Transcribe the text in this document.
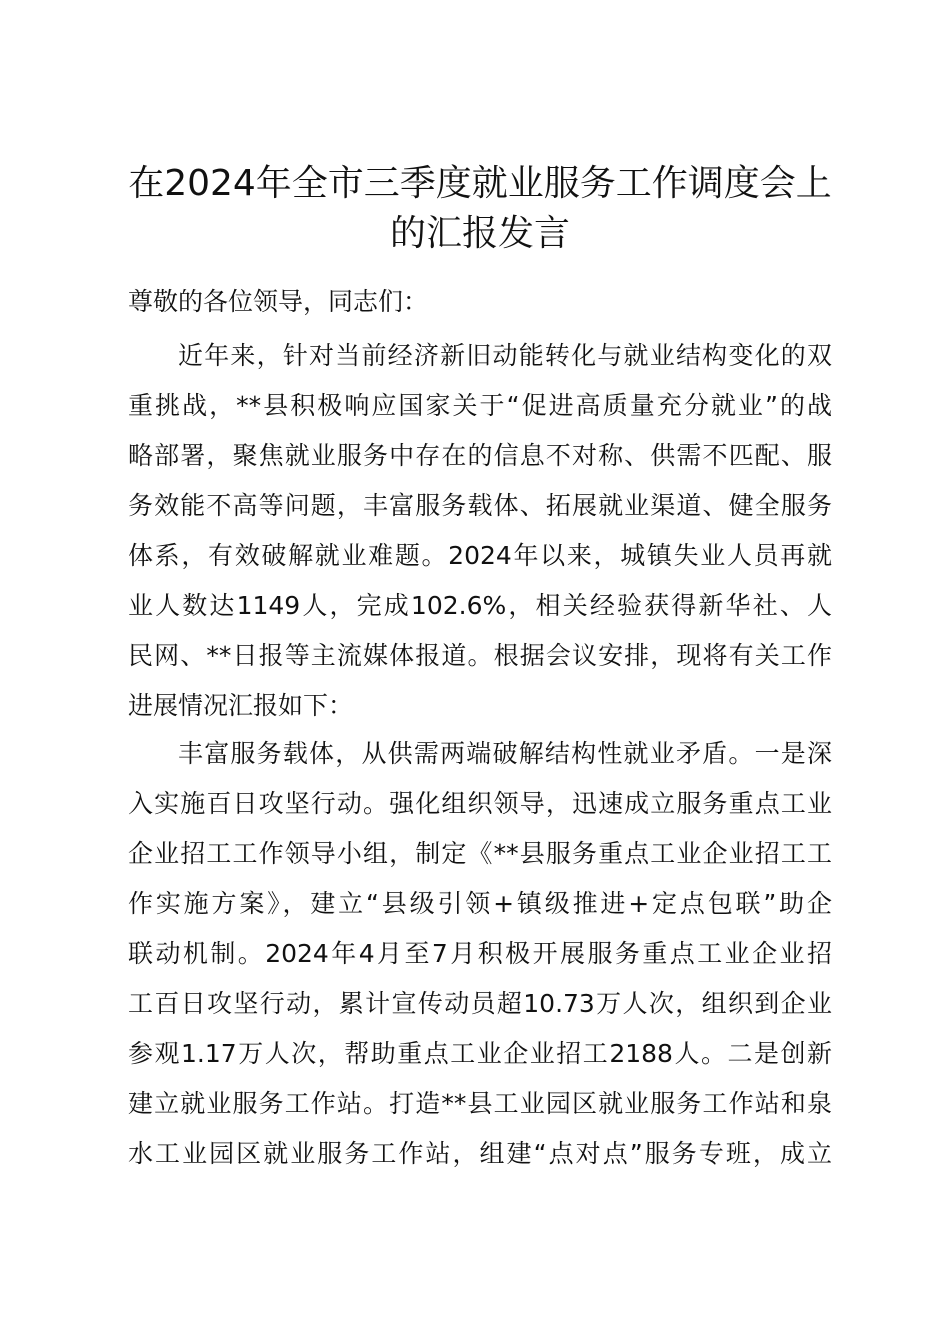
在2024年全市三季度就业服务工作调度会上
的汇报发言
尊敬的各位领导，同志们：
近年来，针对当前经济新旧动能转化与就业结构变化的双
重挑战，**县积极响应国家关于“促进高质量充分就业”的战
略部署，聚焦就业服务中存在的信息不对称、供需不匹配、服
务效能不高等问题，丰富服务载体、拓展就业渠道、健全服务
体系，有效破解就业难题。2024年以来，城镇失业人员再就
业人数达1149人，完成102.6%，相关经验获得新华社、人
民网、**日报等主流媒体报道。根据会议安排，现将有关工作
进展情况汇报如下：
丰富服务载体，从供需两端破解结构性就业矛盾。一是深
入实施百日攻坚行动。强化组织领导，迅速成立服务重点工业
企业招工工作领导小组，制定《**县服务重点工业企业招工工
作实施方案》，建立“县级引领+镇级推进+定点包联”助企
联动机制。2024年4月至7月积极开展服务重点工业企业招
工百日攻坚行动，累计宣传动员超10.73万人次，组织到企业
参观1.17万人次，帮助重点工业企业招工2188人。二是创新
建立就业服务工作站。打造**县工业园区就业服务工作站和泉
水工业园区就业服务工作站，组建“点对点”服务专班，成立
